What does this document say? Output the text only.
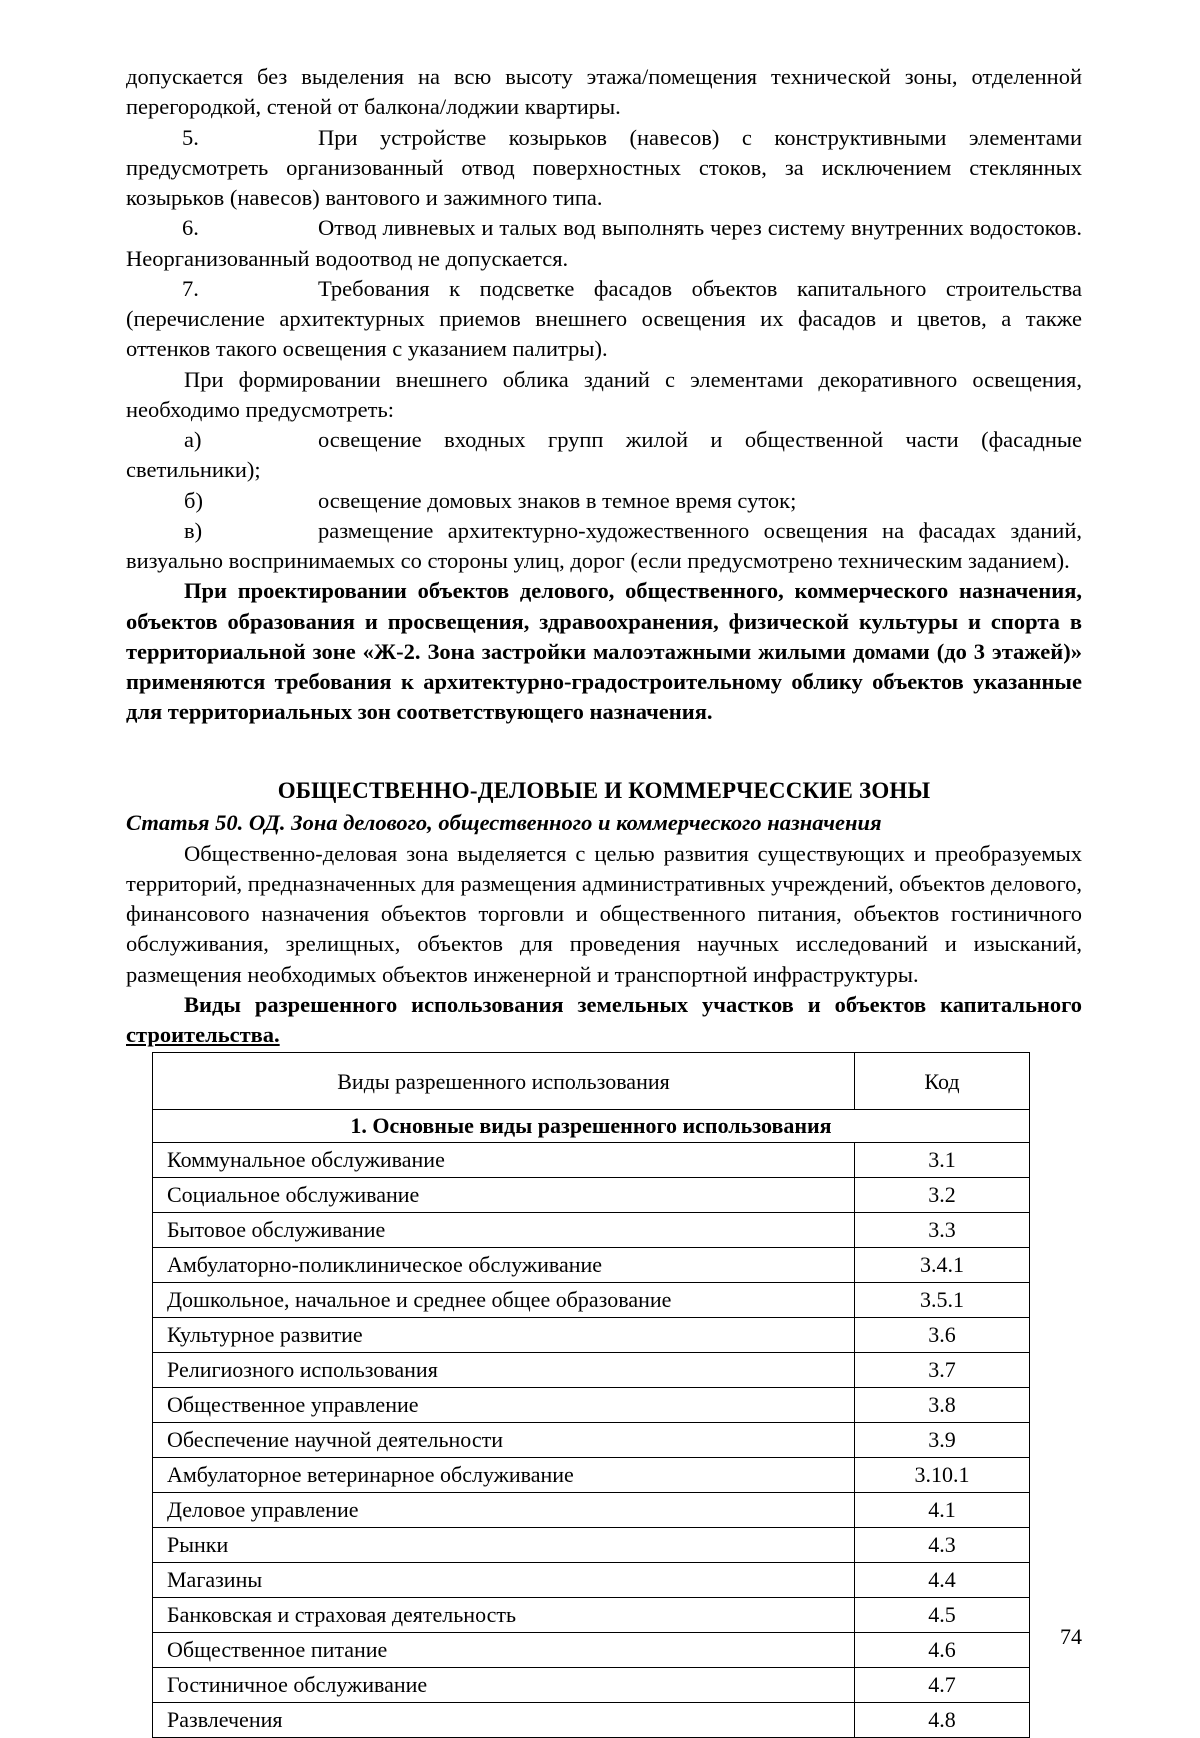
допускается без выделения на всю высоту этажа/помещения технической зоны, отделенной перегородкой, стеной от балкона/лоджии квартиры.

5.	При устройстве козырьков (навесов) с конструктивными элементами предусмотреть организованный отвод поверхностных стоков, за исключением стеклянных козырьков (навесов) вантового и зажимного типа.

6.	Отвод ливневых и талых вод выполнять через систему внутренних водостоков. Неорганизованный водоотвод не допускается.

7.	Требования к подсветке фасадов объектов капитального строительства (перечисление архитектурных приемов внешнего освещения их фасадов и цветов, а также оттенков такого освещения с указанием палитры).

При формировании внешнего облика зданий с элементами декоративного освещения, необходимо предусмотреть:

а)	освещение входных групп жилой и общественной части (фасадные светильники);

б)	освещение домовых знаков в темное время суток;

в)	размещение архитектурно-художественного освещения на фасадах зданий, визуально воспринимаемых со стороны улиц, дорог (если предусмотрено техническим заданием).

При проектировании объектов делового, общественного, коммерческого назначения, объектов образования и просвещения, здравоохранения, физической культуры и спорта в территориальной зоне «Ж-2. Зона застройки малоэтажными жилыми домами (до 3 этажей)» применяются требования к архитектурно-градостроительному облику объектов указанные для территориальных зон соответствующего назначения.

ОБЩЕСТВЕННО-ДЕЛОВЫЕ И КОММЕРЧЕССКИЕ ЗОНЫ

Статья 50. ОД. Зона делового, общественного и коммерческого назначения

Общественно-деловая зона выделяется с целью развития существующих и преобразуемых территорий, предназначенных для размещения административных учреждений, объектов делового, финансового назначения объектов торговли и общественного питания, объектов гостиничного обслуживания, зрелищных, объектов для проведения научных исследований и изысканий, размещения необходимых объектов инженерной и транспортной инфраструктуры.

Виды разрешенного использования земельных участков и объектов капитального строительства.

Виды разрешенного использования	Код
1. Основные виды разрешенного использования	
Коммунальное обслуживание	3.1
Социальное обслуживание	3.2
Бытовое обслуживание	3.3
Амбулаторно-поликлиническое обслуживание	3.4.1
Дошкольное, начальное и среднее общее образование	3.5.1
Культурное развитие	3.6
Религиозного использования	3.7
Общественное управление	3.8
Обеспечение научной деятельности	3.9
Амбулаторное ветеринарное обслуживание	3.10.1
Деловое управление	4.1
Рынки	4.3
Магазины	4.4
Банковская и страховая деятельность	4.5
Общественное питание	4.6
Гостиничное обслуживание	4.7
Развлечения	4.8
74
